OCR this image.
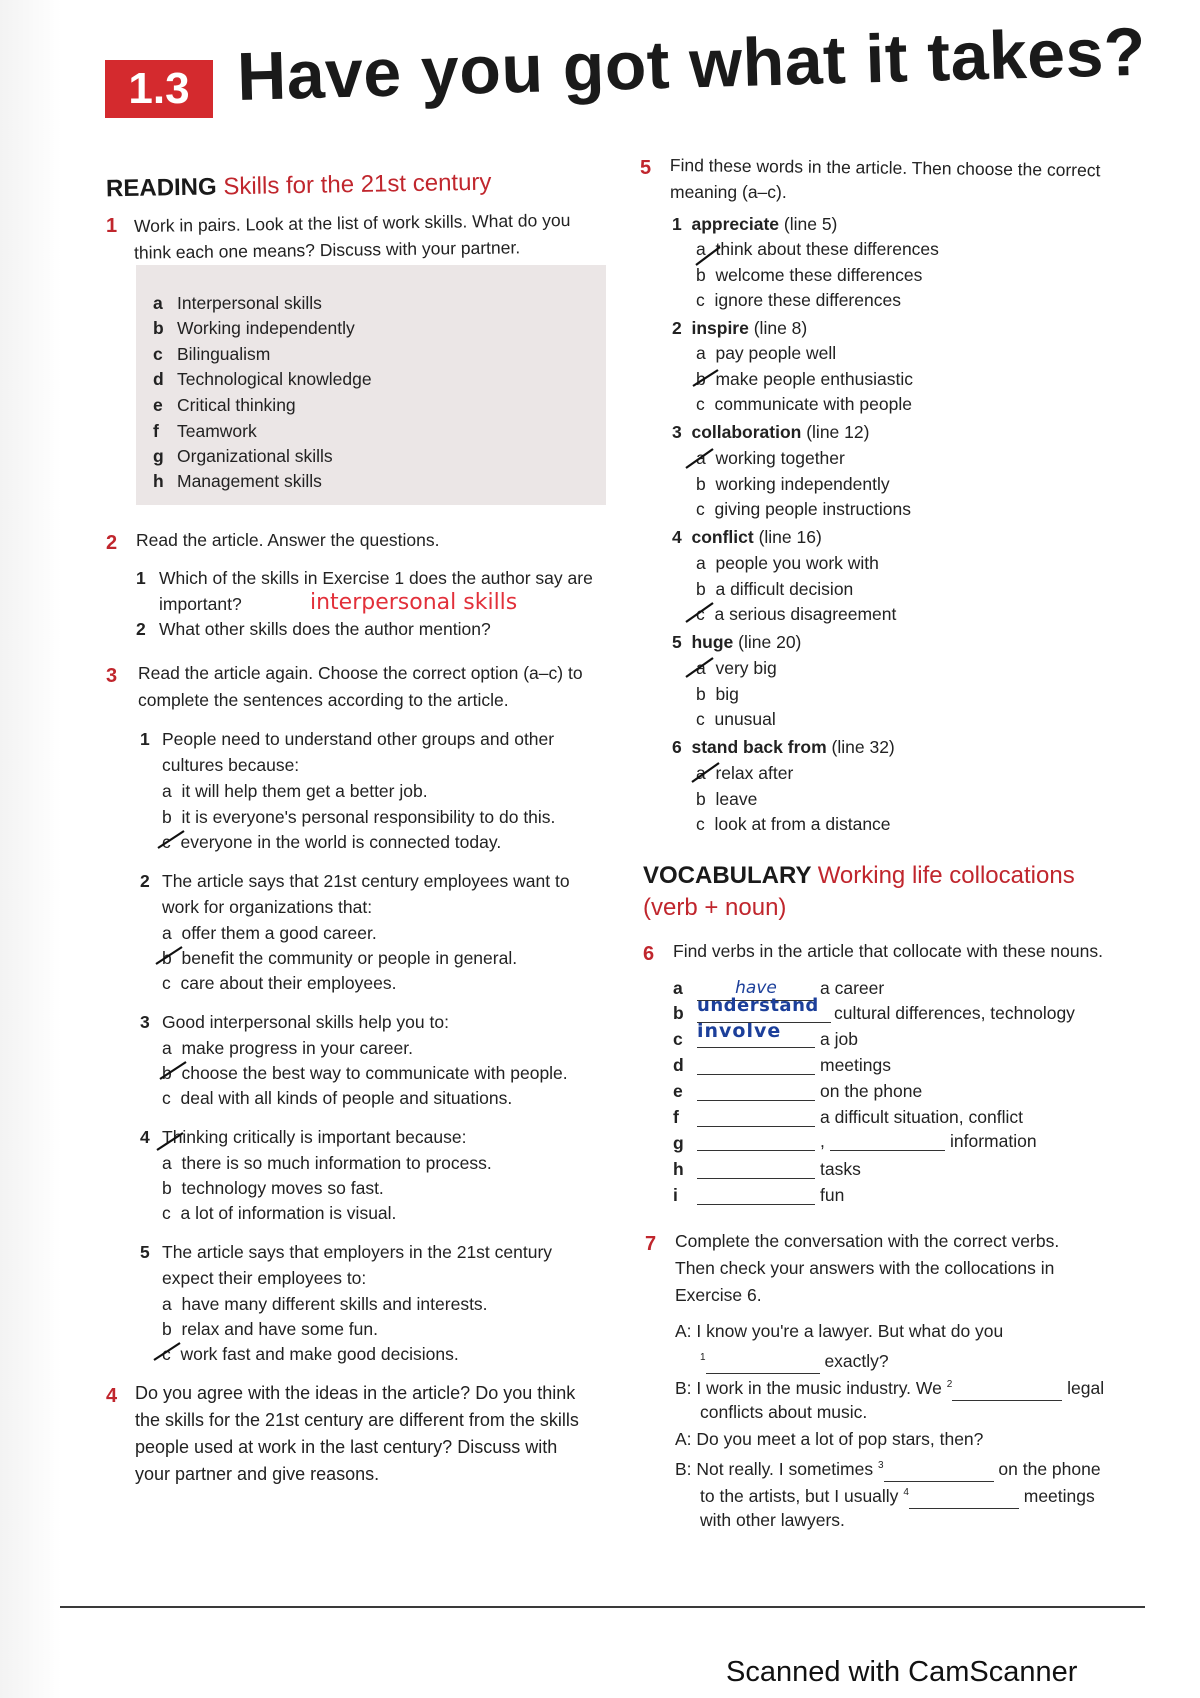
1.3 Have you got what it takes?
READING Skills for the 21st century
1 Work in pairs. Look at the list of work skills. What do you
think each one means? Discuss with your partner.
a Interpersonal skills
b Working independently
c Bilingualism
d Technological knowledge
e Critical thinking
f Teamwork
g Organizational skills
h Management skills
2 Read the article. Answer the questions.
1 Which of the skills in Exercise 1 does the author say are
important?	interpersonal skills
2 What other skills does the author mention?
3 Read the article again. Choose the correct option (a–c) to
complete the sentences according to the article.
1 People need to understand other groups and other
cultures because:
a  it will help them get a better job.
b  it is everyone's personal responsibility to do this.
c  everyone in the world is connected today.
2 The article says that 21st century employees want to
work for organizations that:
a  offer them a good career.
b  benefit the community or people in general.
c  care about their employees.
3 Good interpersonal skills help you to:
a  make progress in your career.
b  choose the best way to communicate with people.
c  deal with all kinds of people and situations.
4 Thinking critically is important because:
a  there is so much information to process.
b  technology moves so fast.
c  a lot of information is visual.
5 The article says that employers in the 21st century
expect their employees to:
a  have many different skills and interests.
b  relax and have some fun.
c  work fast and make good decisions.
4 Do you agree with the ideas in the article? Do you think
the skills for the 21st century are different from the skills
people used at work in the last century? Discuss with
your partner and give reasons.
5 Find these words in the article. Then choose the correct
meaning (a–c).
1 appreciate (line 5)
a  think about these differences
b  welcome these differences
c  ignore these differences
2 inspire (line 8)
a  pay people well
b  make people enthusiastic
c  communicate with people
3 collaboration (line 12)
a  working together
b  working independently
c  giving people instructions
4 conflict (line 16)
a  people you work with
b  a difficult decision
c  a serious disagreement
5 huge (line 20)
a  very big
b  big
c  unusual
6 stand back from (line 32)
a  relax after
b  leave
c  look at from a distance
VOCABULARY Working life collocations
(verb + noun)
6 Find verbs in the article that collocate with these nouns.
a	have	a career
b understand cultural differences, technology
c involve	a job
d	meetings
e	on the phone
f	a difficult situation, conflict
g	,	information
h	tasks
i	fun
7 Complete the conversation with the correct verbs.
Then check your answers with the collocations in
Exercise 6.
A: I know you're a lawyer. But what do you
$^1$	exactly?
B: I work in the music industry. We $^2$	legal
conflicts about music.
A: Do you meet a lot of pop stars, then?
B: Not really. I sometimes $^3$	on the phone
to the artists, but I usually $^4$	meetings
with other lawyers.
Scanned with CamScanner
